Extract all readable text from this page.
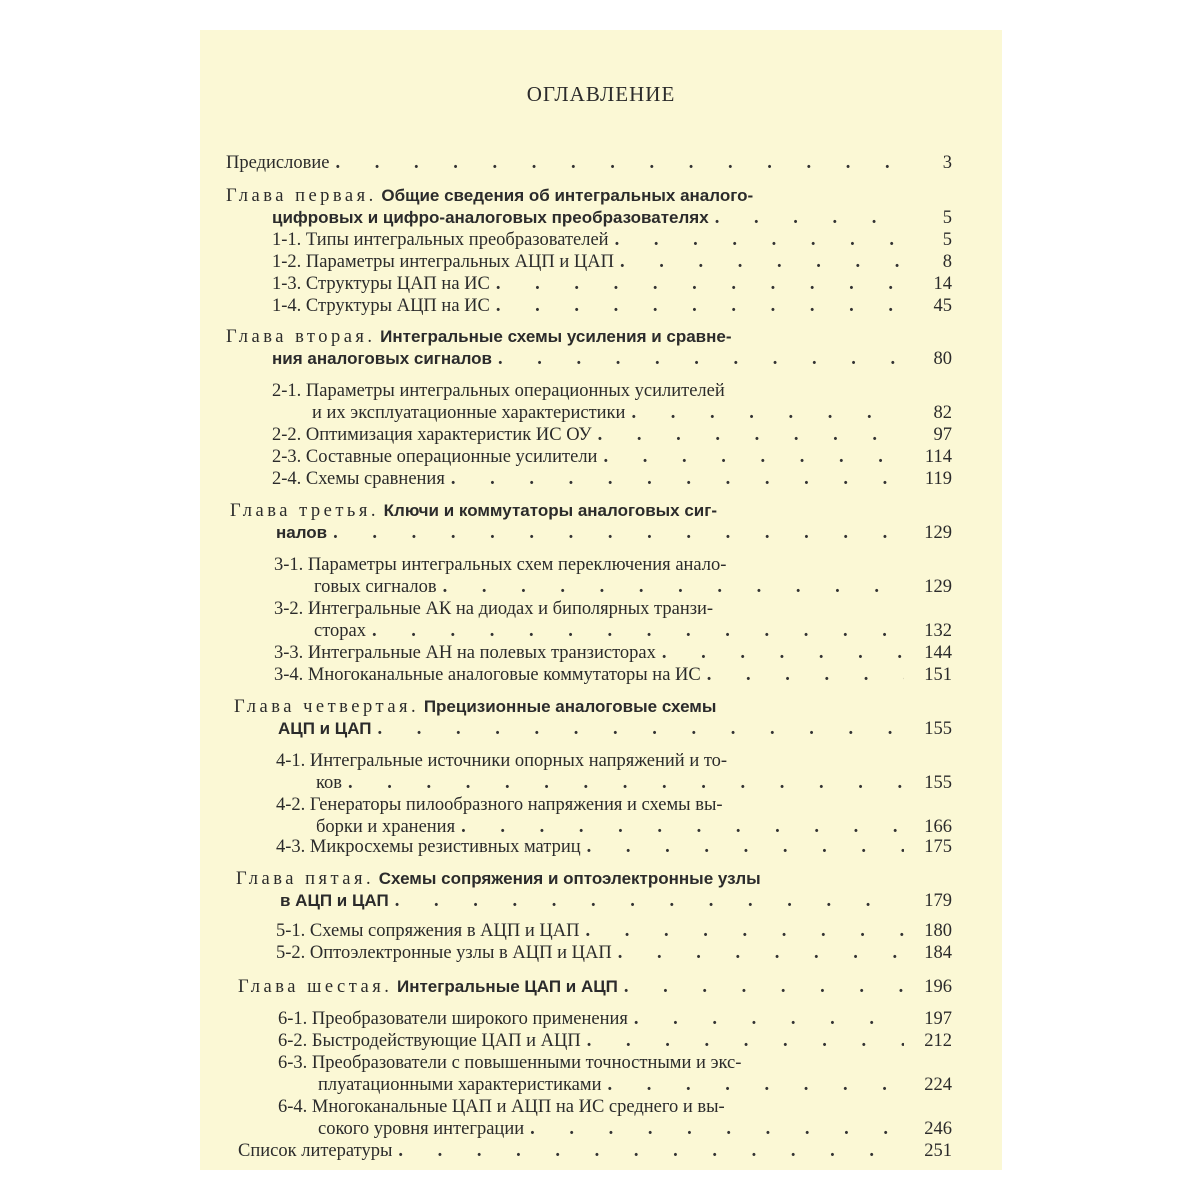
ОГЛАВЛЕНИЕ
Предисловие . . .	3
Глава первая. Общие сведения об интегральных аналого-
цифровых и цифро-аналоговых преобразователях . . .	5
1-1. Типы интегральных преобразователей . . .	5
1-2. Параметры интегральных АЦП и ЦАП . . .	8
1-3. Структуры ЦАП на ИС . . .	14
1-4. Структуры АЦП на ИС . . .	45
Глава вторая. Интегральные схемы усиления и сравне-
ния аналоговых сигналов . . .	80
2-1. Параметры интегральных операционных усилителей
и их эксплуатационные характеристики . . .	82
2-2. Оптимизация характеристик ИС ОУ . . .	97
2-3. Составные операционные усилители . . .	114
2-4. Схемы сравнения . . .	119
Глава третья. Ключи и коммутаторы аналоговых сиг-
налов . . .	129
3-1. Параметры интегральных схем переключения анало-
говых сигналов . . .	129
3-2. Интегральные АК на диодах и биполярных транзи-
сторах . . .	132
3-3. Интегральные АН на полевых транзисторах . . .	144
3-4. Многоканальные аналоговые коммутаторы на ИС . . .	151
Глава четвертая. Прецизионные аналоговые схемы
АЦП и ЦАП . . .	155
4-1. Интегральные источники опорных напряжений и то-
ков . . .	155
4-2. Генераторы пилообразного напряжения и схемы вы-
борки и хранения . . .	166
4-3. Микросхемы резистивных матриц . . .	175
Глава пятая. Схемы сопряжения и оптоэлектронные узлы
в АЦП и ЦАП . . .	179
5-1. Схемы сопряжения в АЦП и ЦАП . . .	180
5-2. Оптоэлектронные узлы в АЦП и ЦАП . . .	184
Глава шестая. Интегральные ЦАП и АЦП . . .	196
6-1. Преобразователи широкого применения . . .	197
6-2. Быстродействующие ЦАП и АЦП . . .	212
6-3. Преобразователи с повышенными точностными и экс-
плуатационными характеристиками . . .	224
6-4. Многоканальные ЦАП и АЦП на ИС среднего и вы-
сокого уровня интеграции . . .	246
Список литературы . . .	251
